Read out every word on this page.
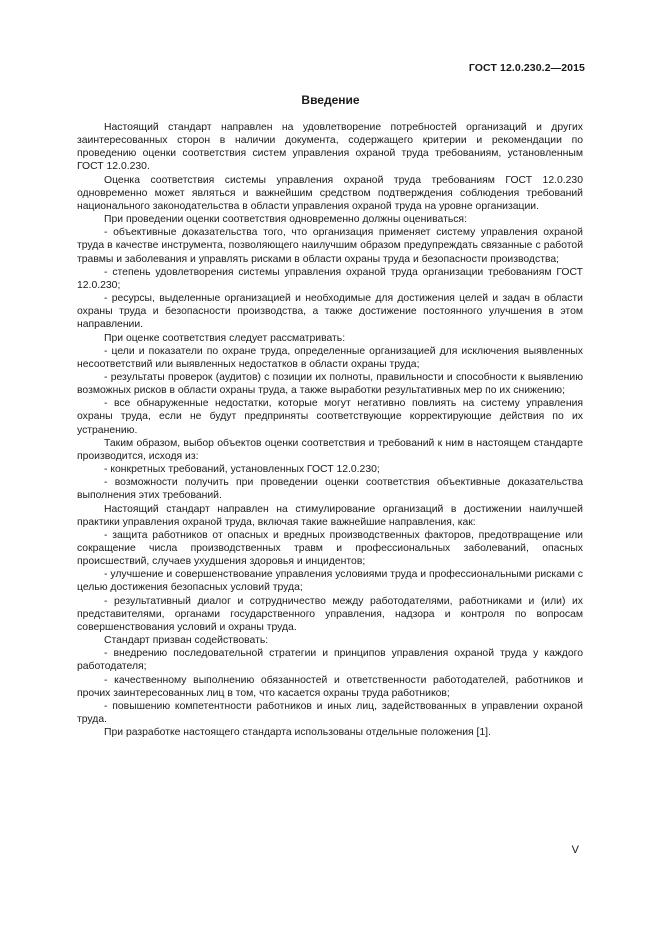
ГОСТ 12.0.230.2—2015
Введение

Настоящий стандарт направлен на удовлетворение потребностей организаций и других заинтересованных сторон в наличии документа, содержащего критерии и рекомендации по проведению оценки соответствия систем управления охраной труда требованиям, установленным ГОСТ 12.0.230.

Оценка соответствия системы управления охраной труда требованиям ГОСТ 12.0.230 одновременно может являться и важнейшим средством подтверждения соблюдения требований национального законодательства в области управления охраной труда на уровне организации.

При проведении оценки соответствия одновременно должны оцениваться:

- объективные доказательства того, что организация применяет систему управления охраной труда в качестве инструмента, позволяющего наилучшим образом предупреждать связанные с работой травмы и заболевания и управлять рисками в области охраны труда и безопасности производства;

- степень удовлетворения системы управления охраной труда организации требованиям ГОСТ 12.0.230;

- ресурсы, выделенные организацией и необходимые для достижения целей и задач в области охраны труда и безопасности производства, а также достижение постоянного улучшения в этом направлении.

При оценке соответствия следует рассматривать:

- цели и показатели по охране труда, определенные организацией для исключения выявленных несоответствий или выявленных недостатков в области охраны труда;

- результаты проверок (аудитов) с позиции их полноты, правильности и способности к выявлению возможных рисков в области охраны труда, а также выработки результативных мер по их снижению;

- все обнаруженные недостатки, которые могут негативно повлиять на систему управления охраны труда, если не будут предприняты соответствующие корректирующие действия по их устранению.

Таким образом, выбор объектов оценки соответствия и требований к ним в настоящем стандарте производится, исходя из:

- конкретных требований, установленных ГОСТ 12.0.230;

- возможности получить при проведении оценки соответствия объективные доказательства выполнения этих требований.

Настоящий стандарт направлен на стимулирование организаций в достижении наилучшей практики управления охраной труда, включая такие важнейшие направления, как:

- защита работников от опасных и вредных производственных факторов, предотвращение или сокращение числа производственных травм и профессиональных заболеваний, опасных происшествий, случаев ухудшения здоровья и инцидентов;

- улучшение и совершенствование управления условиями труда и профессиональными рисками с целью достижения безопасных условий труда;

- результативный диалог и сотрудничество между работодателями, работниками и (или) их представителями, органами государственного управления, надзора и контроля по вопросам совершенствования условий и охраны труда.

Стандарт призван содействовать:

- внедрению последовательной стратегии и принципов управления охраной труда у каждого работодателя;

- качественному выполнению обязанностей и ответственности работодателей, работников и прочих заинтересованных лиц в том, что касается охраны труда работников;

- повышению компетентности работников и иных лиц, задействованных в управлении охраной труда.

При разработке настоящего стандарта использованы отдельные положения [1].

V
